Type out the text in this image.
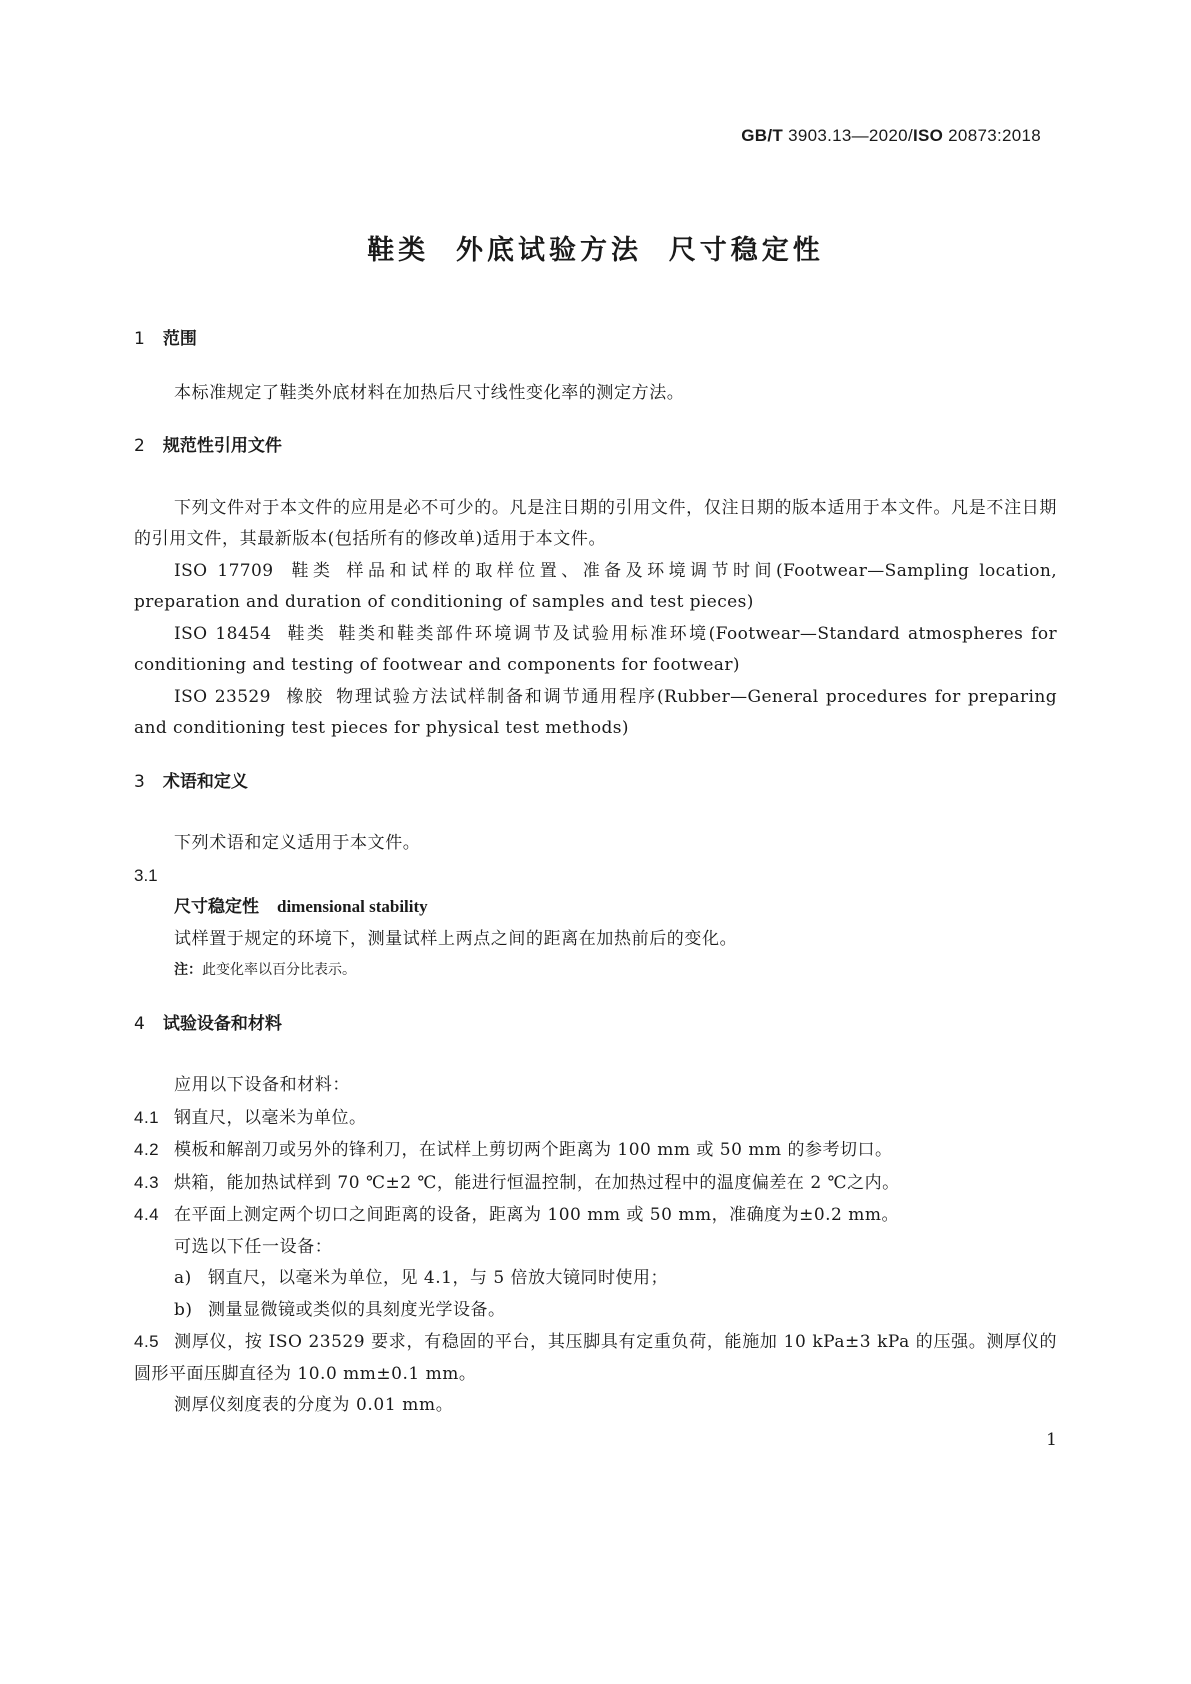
GB/T 3903.13—2020/ISO 20873:2018
鞋类  外底试验方法  尺寸稳定性

1 范围

本标准规定了鞋类外底材料在加热后尺寸线性变化率的测定方法。

2 规范性引用文件

下列文件对于本文件的应用是必不可少的。凡是注日期的引用文件，仅注日期的版本适用于本文件。凡是不注日期的引用文件，其最新版本(包括所有的修改单)适用于本文件。

ISO 17709 鞋类 样品和试样的取样位置、准备及环境调节时间(Footwear—Sampling location, preparation and duration of conditioning of samples and test pieces)

ISO 18454 鞋类 鞋类和鞋类部件环境调节及试验用标准环境(Footwear—Standard atmospheres for conditioning and testing of footwear and components for footwear)

ISO 23529 橡胶 物理试验方法试样制备和调节通用程序(Rubber—General procedures for preparing and conditioning test pieces for physical test methods)

3 术语和定义

下列术语和定义适用于本文件。

3.1

尺寸稳定性 dimensional stability

试样置于规定的环境下，测量试样上两点之间的距离在加热前后的变化。

注：此变化率以百分比表示。

4 试验设备和材料

应用以下设备和材料：

4.1 钢直尺，以毫米为单位。

4.2 模板和解剖刀或另外的锋利刀，在试样上剪切两个距离为 100 mm 或 50 mm 的参考切口。

4.3 烘箱，能加热试样到 70 ℃±2 ℃，能进行恒温控制，在加热过程中的温度偏差在 2 ℃之内。

4.4 在平面上测定两个切口之间距离的设备，距离为 100 mm 或 50 mm，准确度为±0.2 mm。

可选以下任一设备：

a) 钢直尺，以毫米为单位，见 4.1，与 5 倍放大镜同时使用；

b) 测量显微镜或类似的具刻度光学设备。

4.5 测厚仪，按 ISO 23529 要求，有稳固的平台，其压脚具有定重负荷，能施加 10 kPa±3 kPa 的压强。测厚仪的圆形平面压脚直径为 10.0 mm±0.1 mm。

测厚仪刻度表的分度为 0.01 mm。

1
